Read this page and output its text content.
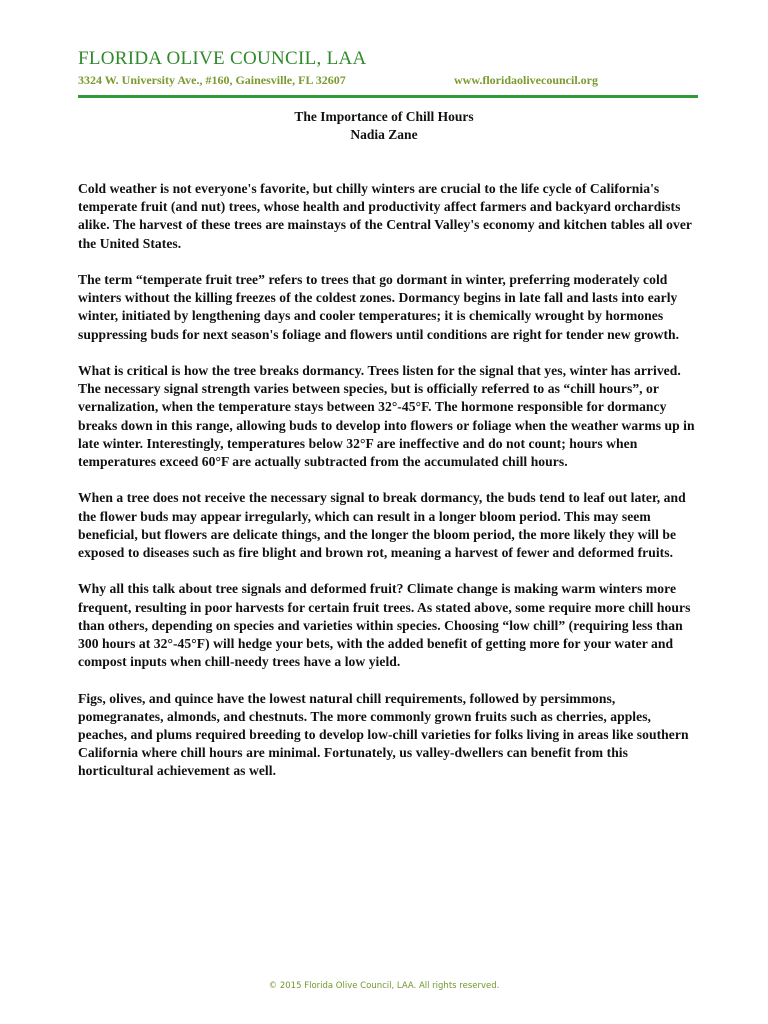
FLORIDA OLIVE COUNCIL, LAA
3324 W. University Ave., #160, Gainesville, FL 32607	www.floridaolivecouncil.org
The Importance of Chill Hours
Nadia Zane

Cold weather is not everyone's favorite, but chilly winters are crucial to the life cycle of California's temperate fruit (and nut) trees, whose health and productivity affect farmers and backyard orchardists alike. The harvest of these trees are mainstays of the Central Valley's economy and kitchen tables all over the United States.

The term “temperate fruit tree” refers to trees that go dormant in winter, preferring moderately cold winters without the killing freezes of the coldest zones. Dormancy begins in late fall and lasts into early winter, initiated by lengthening days and cooler temperatures; it is chemically wrought by hormones suppressing buds for next season's foliage and flowers until conditions are right for tender new growth.

What is critical is how the tree breaks dormancy. Trees listen for the signal that yes, winter has arrived. The necessary signal strength varies between species, but is officially referred to as “chill hours”, or vernalization, when the temperature stays between 32°-45°F. The hormone responsible for dormancy breaks down in this range, allowing buds to develop into flowers or foliage when the weather warms up in late winter. Interestingly, temperatures below 32°F are ineffective and do not count; hours when temperatures exceed 60°F are actually subtracted from the accumulated chill hours.

When a tree does not receive the necessary signal to break dormancy, the buds tend to leaf out later, and the flower buds may appear irregularly, which can result in a longer bloom period. This may seem beneficial, but flowers are delicate things, and the longer the bloom period, the more likely they will be exposed to diseases such as fire blight and brown rot, meaning a harvest of fewer and deformed fruits.

Why all this talk about tree signals and deformed fruit? Climate change is making warm winters more frequent, resulting in poor harvests for certain fruit trees. As stated above, some require more chill hours than others, depending on species and varieties within species. Choosing “low chill” (requiring less than 300 hours at 32°-45°F) will hedge your bets, with the added benefit of getting more for your water and compost inputs when chill-needy trees have a low yield.

Figs, olives, and quince have the lowest natural chill requirements, followed by persimmons, pomegranates, almonds, and chestnuts. The more commonly grown fruits such as cherries, apples, peaches, and plums required breeding to develop low-chill varieties for folks living in areas like southern California where chill hours are minimal. Fortunately, us valley-dwellers can benefit from this horticultural achievement as well.

© 2015 Florida Olive Council, LAA. All rights reserved.
